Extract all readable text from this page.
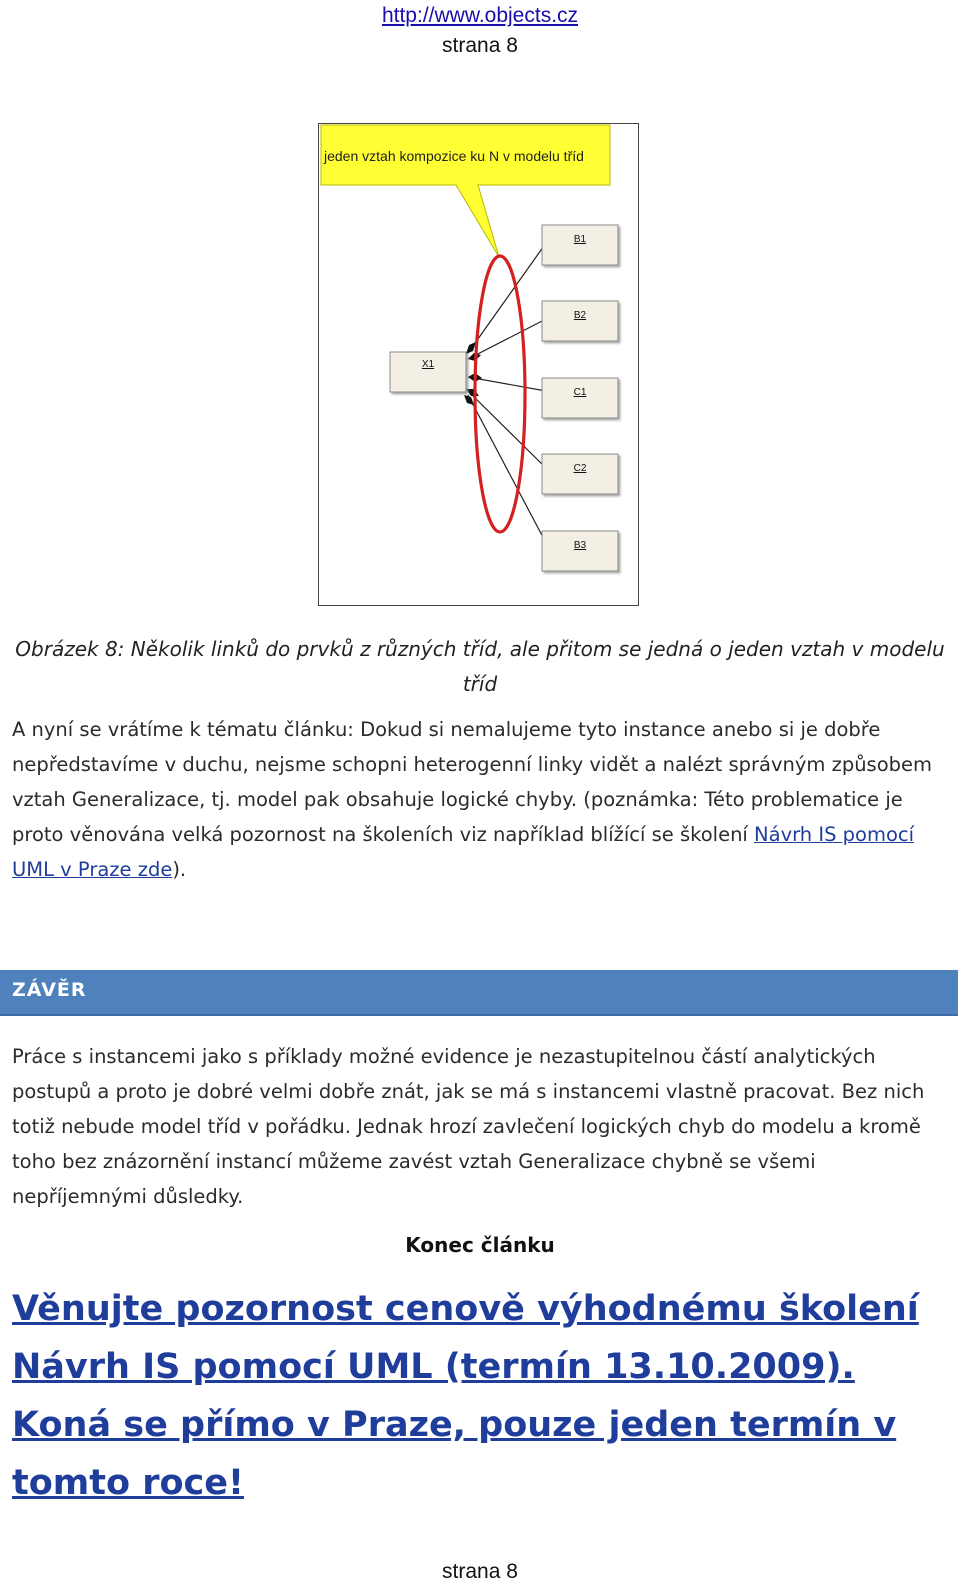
http://www.objects.cz
strana 8
jeden vztah kompozice ku N v modelu tříd
X1
B1
B2
C1
C2
B3
Obrázek 8: Několik linků do prvků z různých tříd, ale přitom se jedná o jeden vztah v modelu tříd
A nyní se vrátíme k tématu článku: Dokud si nemalujeme tyto instance anebo si je dobře nepředstavíme v duchu, nejsme schopni heterogenní linky vidět a nalézt správným způsobem vztah Generalizace, tj. model pak obsahuje logické chyby. (poznámka: Této problematice je proto věnována velká pozornost na školeních viz například blížící se školení Návrh IS pomocí UML v Praze zde).
ZÁVĚR
Práce s instancemi jako s příklady možné evidence je nezastupitelnou částí analytických postupů a proto je dobré velmi dobře znát, jak se má s instancemi vlastně pracovat. Bez nich totiž nebude model tříd v pořádku. Jednak hrozí zavlečení logických chyb do modelu a kromě toho bez znázornění instancí můžeme zavést vztah Generalizace chybně se všemi nepříjemnými důsledky.
Konec článku
Věnujte pozornost cenově výhodnému školení Návrh IS pomocí UML (termín 13.10.2009). Koná se přímo v Praze, pouze jeden termín v tomto roce!
strana 8
